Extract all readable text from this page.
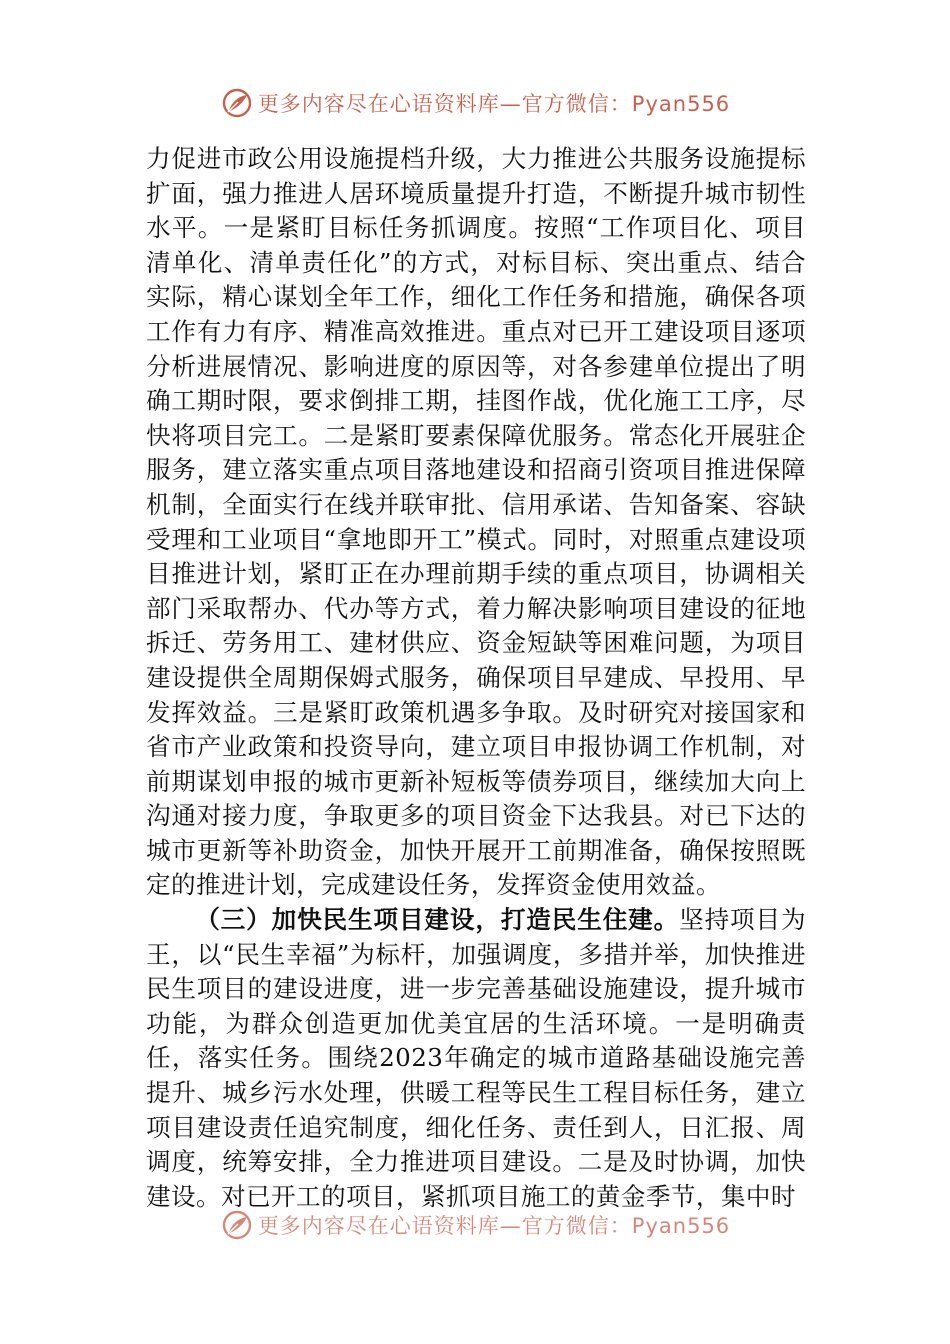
更多内容尽在心语资料库—官方微信：Pyan556

力促进市政公用设施提档升级，大力推进公共服务设施提标扩面，强力推进人居环境质量提升打造，不断提升城市韧性水平。一是紧盯目标任务抓调度。按照“工作项目化、项目清单化、清单责任化”的方式，对标目标、突出重点、结合实际，精心谋划全年工作，细化工作任务和措施，确保各项工作有力有序、精准高效推进。重点对已开工建设项目逐项分析进展情况、影响进度的原因等，对各参建单位提出了明确工期时限，要求倒排工期，挂图作战，优化施工工序，尽快将项目完工。二是紧盯要素保障优服务。常态化开展驻企服务，建立落实重点项目落地建设和招商引资项目推进保障机制，全面实行在线并联审批、信用承诺、告知备案、容缺受理和工业项目“拿地即开工”模式。同时，对照重点建设项目推进计划，紧盯正在办理前期手续的重点项目，协调相关部门采取帮办、代办等方式，着力解决影响项目建设的征地拆迁、劳务用工、建材供应、资金短缺等困难问题，为项目建设提供全周期保姆式服务，确保项目早建成、早投用、早发挥效益。三是紧盯政策机遇多争取。及时研究对接国家和省市产业政策和投资导向，建立项目申报协调工作机制，对前期谋划申报的城市更新补短板等债券项目，继续加大向上沟通对接力度，争取更多的项目资金下达我县。对已下达的城市更新等补助资金，加快开展开工前期准备，确保按照既定的推进计划，完成建设任务，发挥资金使用效益。

（三）加快民生项目建设，打造民生住建。坚持项目为王，以“民生幸福”为标杆，加强调度，多措并举，加快推进民生项目的建设进度，进一步完善基础设施建设，提升城市功能，为群众创造更加优美宜居的生活环境。一是明确责任，落实任务。围绕2023年确定的城市道路基础设施完善提升、城乡污水处理，供暖工程等民生工程目标任务，建立项目建设责任追究制度，细化任务、责任到人，日汇报、周调度，统筹安排，全力推进项目建设。二是及时协调，加快建设。对已开工的项目，紧抓项目施工的黄金季节，集中时

更多内容尽在心语资料库—官方微信：Pyan556
